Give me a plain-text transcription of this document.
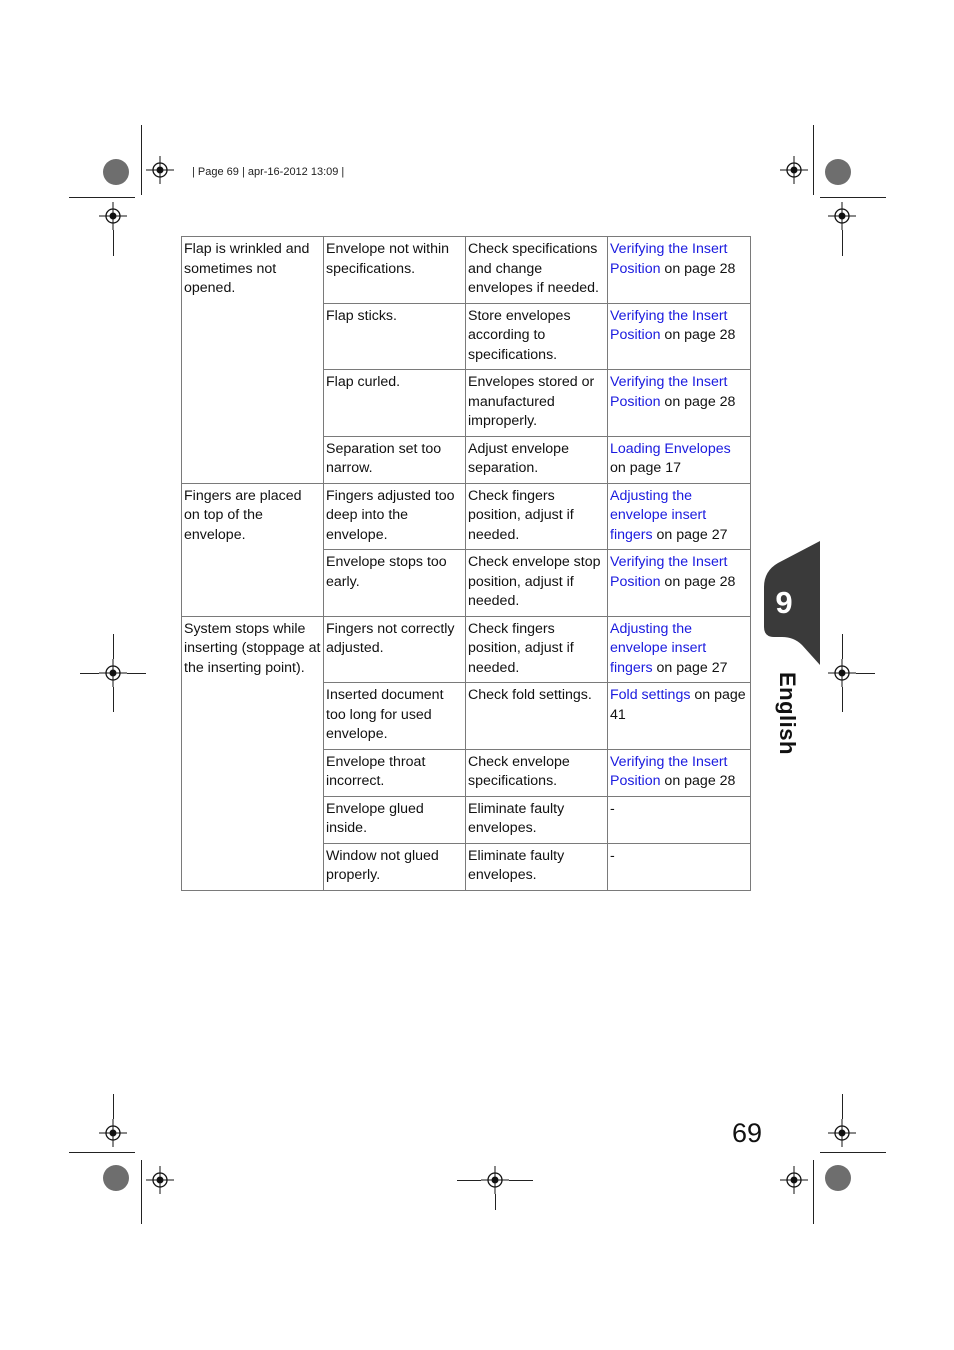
| Page 69 | apr-16-2012 13:09 |
Flap is wrinkled and sometimes not opened.	Envelope not within specifications.	Check specifications and change envelopes if needed.	Verifying the Insert Position on page 28
	Flap sticks.	Store envelopes according to specifications.	Verifying the Insert Position on page 28
	Flap curled.	Envelopes stored or manufactured improperly.	Verifying the Insert Position on page 28
	Separation set too narrow.	Adjust envelope separation.	Loading Envelopes on page 17
Fingers are placed on top of the envelope.	Fingers adjusted too deep into the envelope.	Check fingers position, adjust if needed.	Adjusting the envelope insert fingers on page 27
	Envelope stops too early.	Check envelope stop position, adjust if needed.	Verifying the Insert Position on page 28
System stops while inserting (stoppage at the inserting point).	Fingers not correctly adjusted.	Check fingers position, adjust if needed.	Adjusting the envelope insert fingers on page 27
	Inserted document too long for used envelope.	Check fold settings.	Fold settings on page 41
	Envelope throat incorrect.	Check envelope specifications.	Verifying the Insert Position on page 28
	Envelope glued inside.	Eliminate faulty envelopes.	-
	Window not glued properly.	Eliminate faulty envelopes.	-
9
English
69
